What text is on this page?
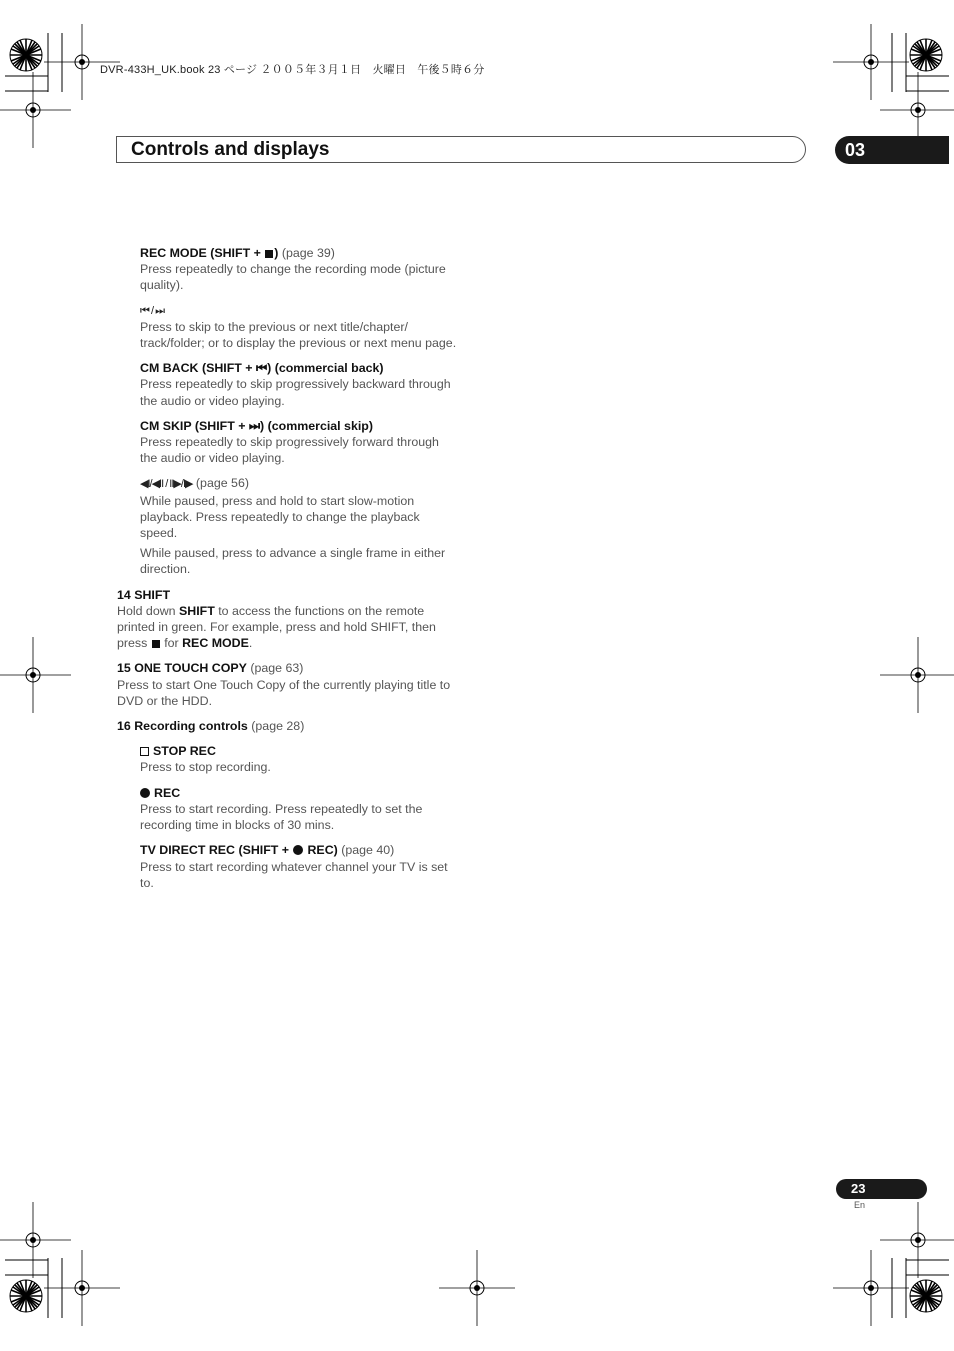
DVR-433H_UK.book 23 ページ ２００５年３月１日　火曜日　午後５時６分
Controls and displays	03
REC MODE (SHIFT + ) (page 39)
Press repeatedly to change the recording mode (picture quality).
⏮ / ⏭
Press to skip to the previous or next title/chapter/ track/folder; or to display the previous or next menu page.
CM BACK (SHIFT + ⏮) (commercial back)
Press repeatedly to skip progressively backward through the audio or video playing.
CM SKIP (SHIFT + ⏭) (commercial skip)
Press repeatedly to skip progressively forward through the audio or video playing.
◀I/◀II / II▶/I▶ (page 56)
While paused, press and hold to start slow-motion playback. Press repeatedly to change the playback speed.
While paused, press to advance a single frame in either direction.
14 SHIFT
Hold down SHIFT to access the functions on the remote printed in green. For example, press and hold SHIFT, then press  for REC MODE.
15 ONE TOUCH COPY (page 63)
Press to start One Touch Copy of the currently playing title to DVD or the HDD.
16 Recording controls (page 28)
STOP REC
Press to stop recording.
REC
Press to start recording. Press repeatedly to set the recording time in blocks of 30 mins.
TV DIRECT REC (SHIFT + REC) (page 40)
Press to start recording whatever channel your TV is set to.
23
En
